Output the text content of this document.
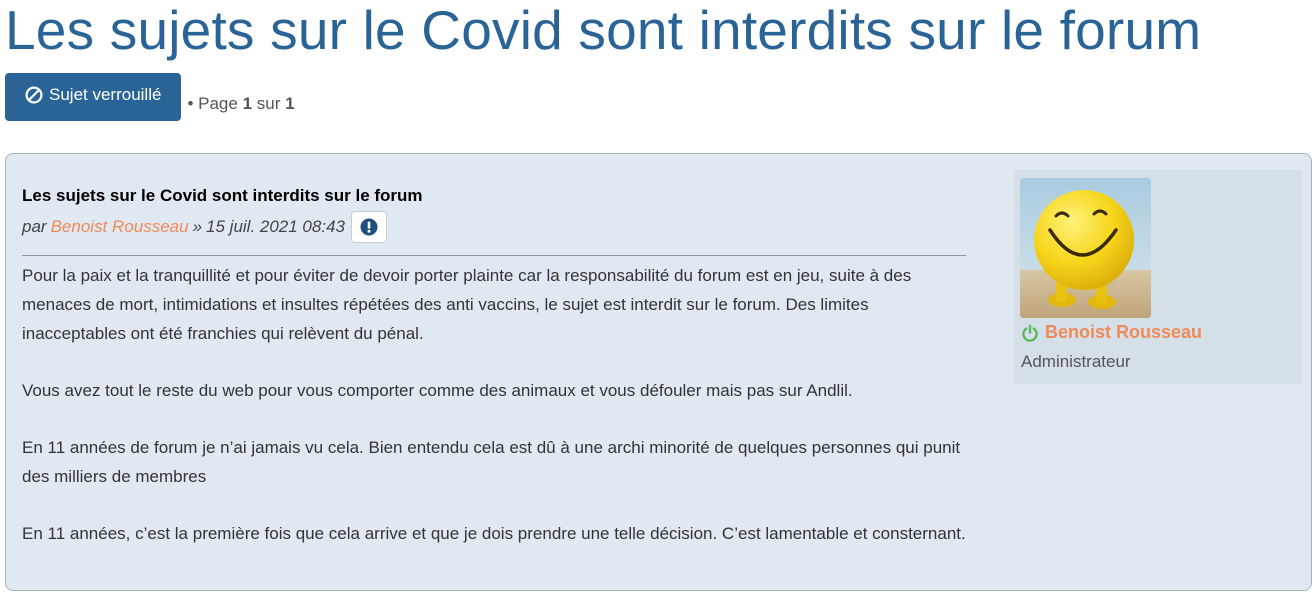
Les sujets sur le Covid sont interdits sur le forum
Sujet verrouillé • Page 1 sur 1
Les sujets sur le Covid sont interdits sur le forum
par Benoist Rousseau » 15 juil. 2021 08:43

Pour la paix et la tranquillité et pour éviter de devoir porter plainte car la responsabilité du forum est en jeu, suite à des menaces de mort, intimidations et insultes répétées des anti vaccins, le sujet est interdit sur le forum. Des limites inacceptables ont été franchies qui relèvent du pénal.

Vous avez tout le reste du web pour vous comporter comme des animaux et vous défouler mais pas sur Andlil.

En 11 années de forum je n’ai jamais vu cela. Bien entendu cela est dû à une archi minorité de quelques personnes qui punit des milliers de membres

En 11 années, c’est la première fois que cela arrive et que je dois prendre une telle décision. C’est lamentable et consternant.

Benoist Rousseau
Administrateur
